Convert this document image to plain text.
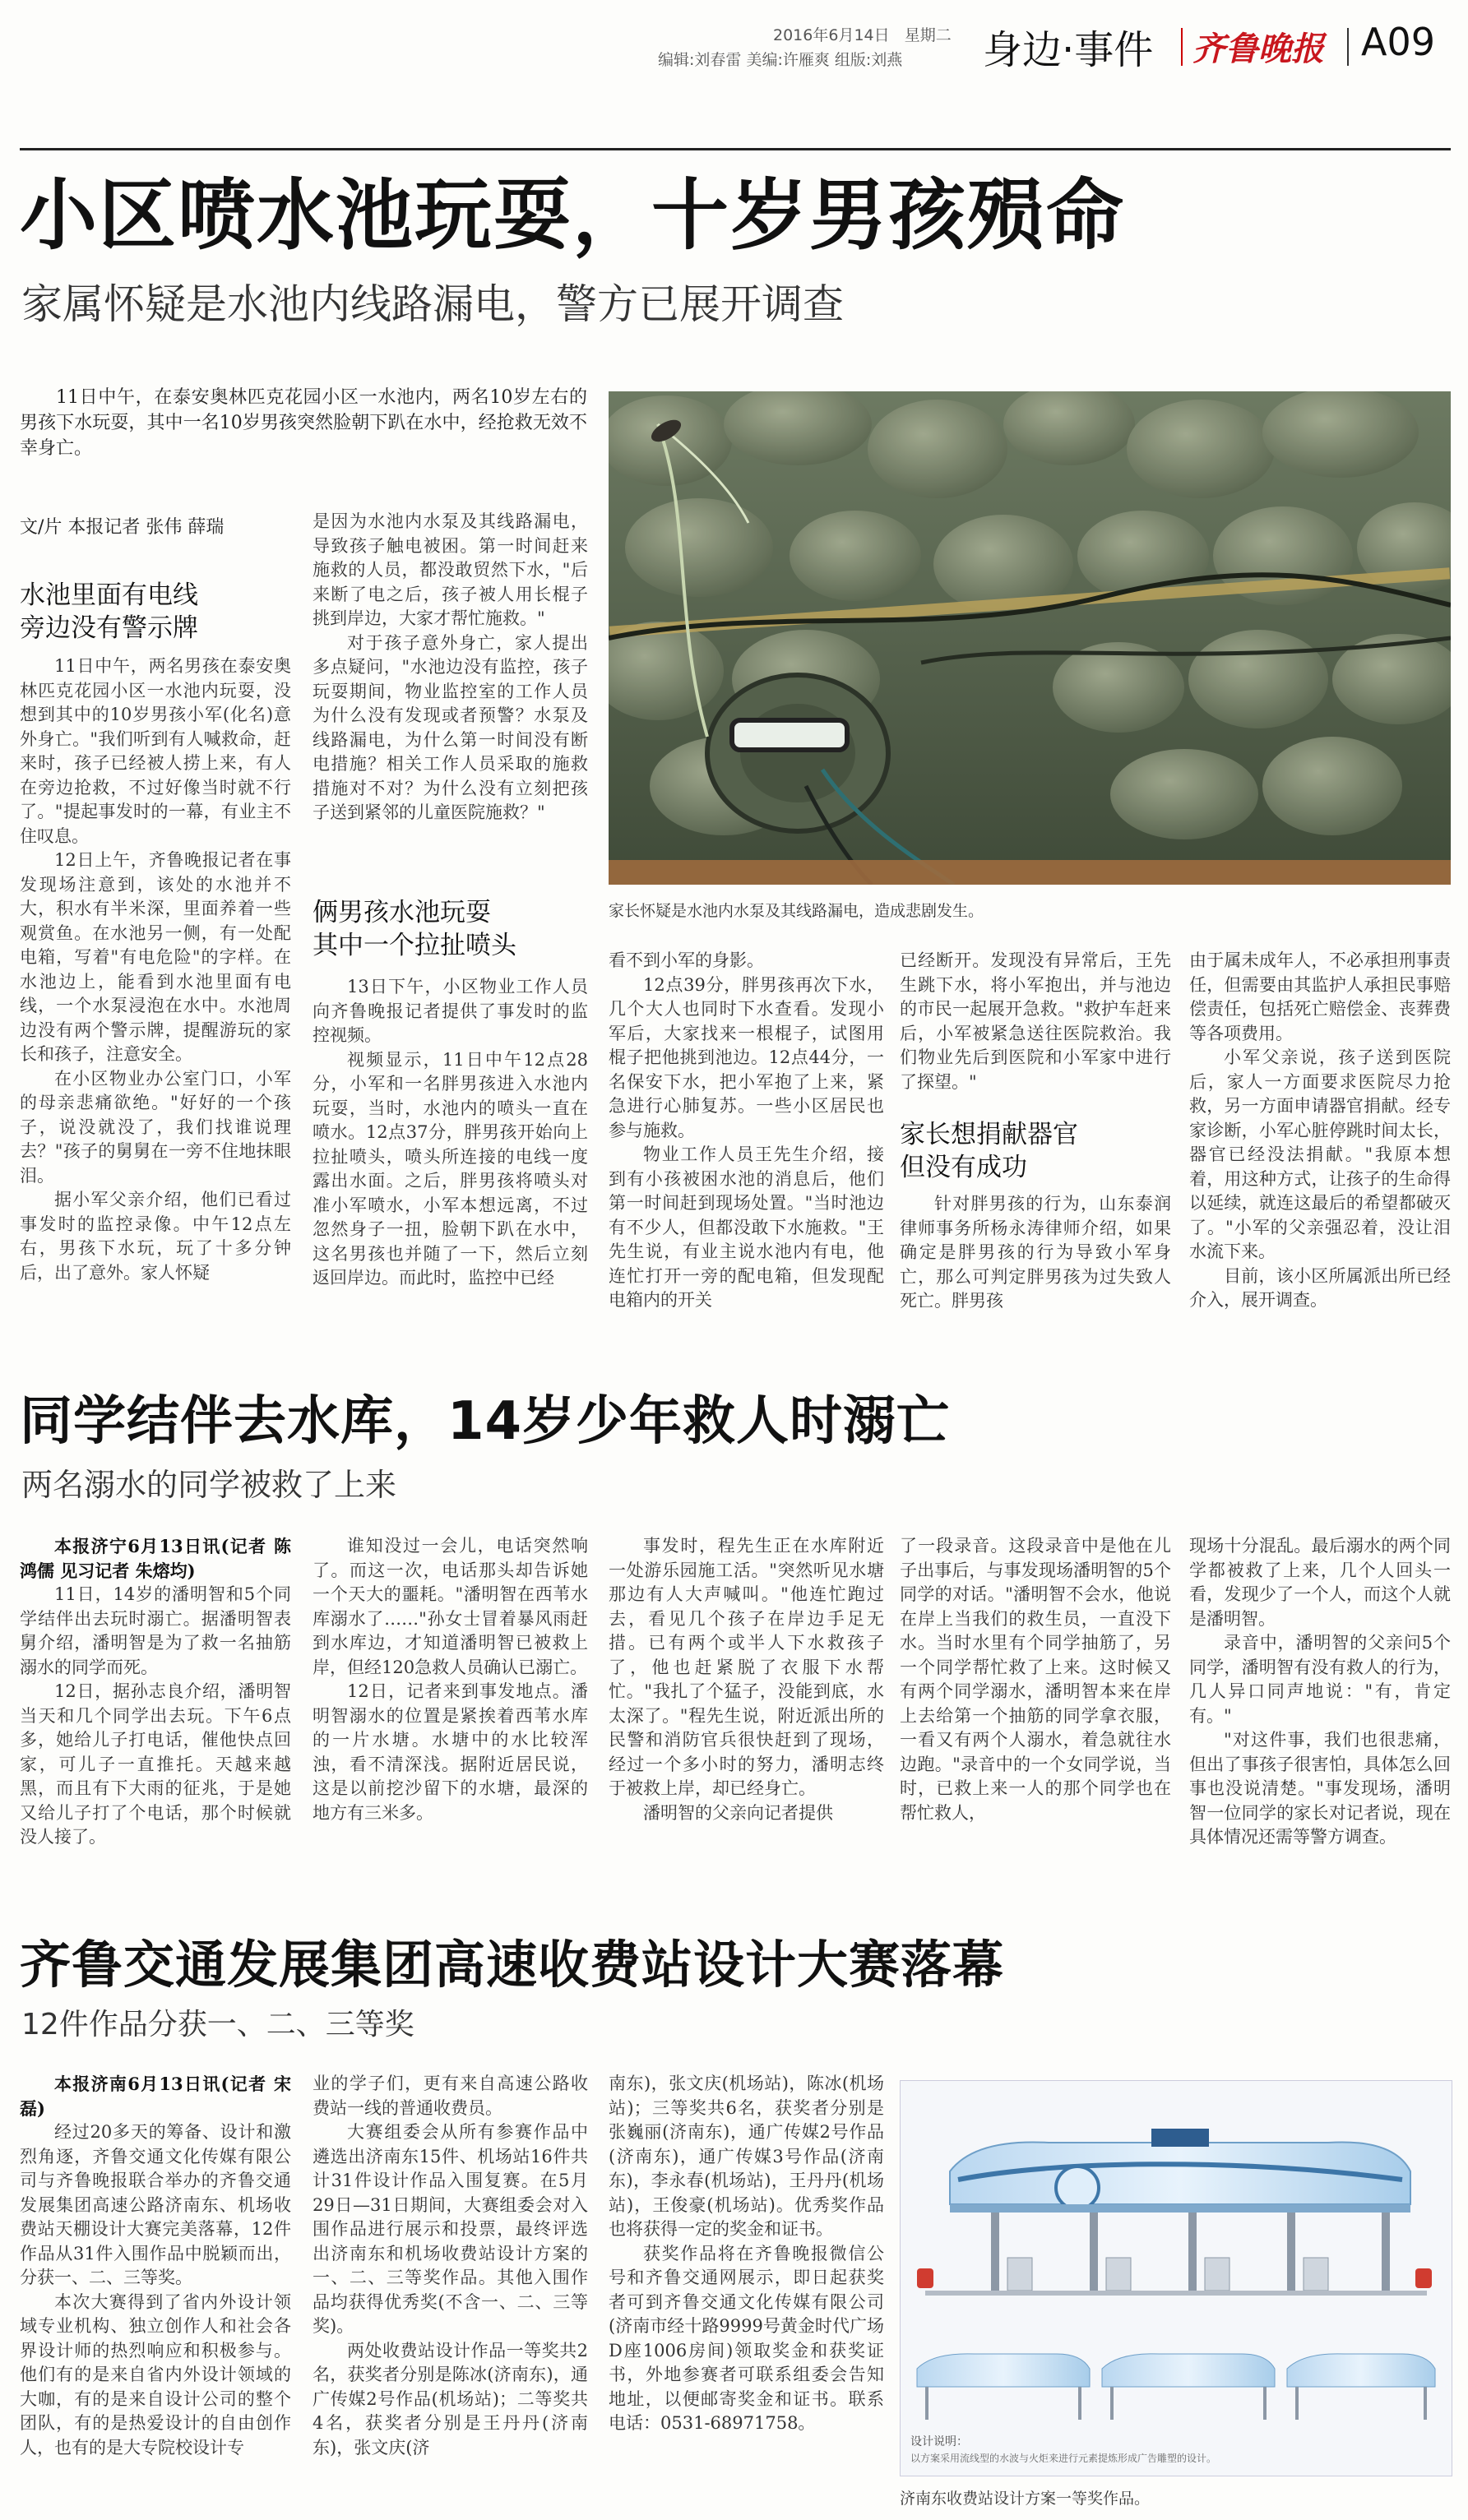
2016年6月14日 星期二
编辑:刘春雷 美编:许雁爽 组版:刘燕 身边·事件 齐鲁晚报 A09
小区喷水池玩耍，十岁男孩殒命
家属怀疑是水池内线路漏电，警方已展开调查

11日中午，在泰安奥林匹克花园小区一水池内，两名10岁左右的男孩下水玩耍，其中一名10岁男孩突然脸朝下趴在水中，经抢救无效不幸身亡。

文/片 本报记者 张伟 薛瑞
水池里面有电线
旁边没有警示牌

11日中午，两名男孩在泰安奥林匹克花园小区一水池内玩耍，没想到其中的10岁男孩小军(化名)意外身亡。"我们听到有人喊救命，赶来时，孩子已经被人捞上来，有人在旁边抢救，不过好像当时就不行了。"提起事发时的一幕，有业主不住叹息。

12日上午，齐鲁晚报记者在事发现场注意到，该处的水池并不大，积水有半米深，里面养着一些观赏鱼。在水池另一侧，有一处配电箱，写着"有电危险"的字样。在水池边上，能看到水池里面有电线，一个水泵浸泡在水中。水池周边没有两个警示牌，提醒游玩的家长和孩子，注意安全。

在小区物业办公室门口，小军的母亲悲痛欲绝。"好好的一个孩子，说没就没了，我们找谁说理去？"孩子的舅舅在一旁不住地抹眼泪。

据小军父亲介绍，他们已看过事发时的监控录像。中午12点左右，男孩下水玩，玩了十多分钟后，出了意外。家人怀疑

是因为水池内水泵及其线路漏电，导致孩子触电被困。第一时间赶来施救的人员，都没敢贸然下水，"后来断了电之后，孩子被人用长棍子挑到岸边，大家才帮忙施救。"

对于孩子意外身亡，家人提出多点疑问，"水池边没有监控，孩子玩耍期间，物业监控室的工作人员为什么没有发现或者预警？水泵及线路漏电，为什么第一时间没有断电措施？相关工作人员采取的施救措施对不对？为什么没有立刻把孩子送到紧邻的儿童医院施救？"

俩男孩水池玩耍
其中一个拉扯喷头

13日下午，小区物业工作人员向齐鲁晚报记者提供了事发时的监控视频。

视频显示，11日中午12点28分，小军和一名胖男孩进入水池内玩耍，当时，水池内的喷头一直在喷水。12点37分，胖男孩开始向上拉扯喷头，喷头所连接的电线一度露出水面。之后，胖男孩将喷头对准小军喷水，小军本想远离，不过忽然身子一扭，脸朝下趴在水中，这名男孩也并随了一下，然后立刻返回岸边。而此时，监控中已经

家长怀疑是水池内水泵及其线路漏电，造成悲剧发生。

看不到小军的身影。

12点39分，胖男孩再次下水，几个大人也同时下水查看。发现小军后，大家找来一根棍子，试图用棍子把他挑到池边。12点44分，一名保安下水，把小军抱了上来，紧急进行心肺复苏。一些小区居民也参与施救。

物业工作人员王先生介绍，接到有小孩被困水池的消息后，他们第一时间赶到现场处置。"当时池边有不少人，但都没敢下水施救。"王先生说，有业主说水池内有电，他连忙打开一旁的配电箱，但发现配电箱内的开关

已经断开。发现没有异常后，王先生跳下水，将小军抱出，并与池边的市民一起展开急救。"救护车赶来后，小军被紧急送往医院救治。我们物业先后到医院和小军家中进行了探望。"

家长想捐献器官
但没有成功

针对胖男孩的行为，山东泰润律师事务所杨永涛律师介绍，如果确定是胖男孩的行为导致小军身亡，那么可判定胖男孩为过失致人死亡。胖男孩

由于属未成年人，不必承担刑事责任，但需要由其监护人承担民事赔偿责任，包括死亡赔偿金、丧葬费等各项费用。

小军父亲说，孩子送到医院后，家人一方面要求医院尽力抢救，另一方面申请器官捐献。经专家诊断，小军心脏停跳时间太长，器官已经没法捐献。"我原本想着，用这种方式，让孩子的生命得以延续，就连这最后的希望都破灭了。"小军的父亲强忍着，没让泪水流下来。

目前，该小区所属派出所已经介入，展开调查。

同学结伴去水库，14岁少年救人时溺亡
两名溺水的同学被救了上来

本报济宁6月13日讯(记者 陈鸿儒 见习记者 朱熔均)

11日，14岁的潘明智和5个同学结伴出去玩时溺亡。据潘明智表舅介绍，潘明智是为了救一名抽筋溺水的同学而死。

12日，据孙志良介绍，潘明智当天和几个同学出去玩。下午6点多，她给儿子打电话，催他快点回家，可儿子一直推托。天越来越黑，而且有下大雨的征兆，于是她又给儿子打了个电话，那个时候就没人接了。

谁知没过一会儿，电话突然响了。而这一次，电话那头却告诉她一个天大的噩耗。"潘明智在西苇水库溺水了……"孙女士冒着暴风雨赶到水库边，才知道潘明智已被救上岸，但经120急救人员确认已溺亡。

12日，记者来到事发地点。潘明智溺水的位置是紧挨着西苇水库的一片水塘。水塘中的水比较浑浊，看不清深浅。据附近居民说，这是以前挖沙留下的水塘，最深的地方有三米多。

事发时，程先生正在水库附近一处游乐园施工活。"突然听见水塘那边有人大声喊叫。"他连忙跑过去，看见几个孩子在岸边手足无措。已有两个或半人下水救孩子了，他也赶紧脱了衣服下水帮忙。"我扎了个猛子，没能到底，水太深了。"程先生说，附近派出所的民警和消防官兵很快赶到了现场，经过一个多小时的努力，潘明志终于被救上岸，却已经身亡。

潘明智的父亲向记者提供

了一段录音。这段录音中是他在儿子出事后，与事发现场潘明智的5个同学的对话。"潘明智不会水，他说在岸上当我们的救生员，一直没下水。当时水里有个同学抽筋了，另一个同学帮忙救了上来。这时候又有两个同学溺水，潘明智本来在岸上去给第一个抽筋的同学拿衣服，一看又有两个人溺水，着急就往水边跑。"录音中的一个女同学说，当时，已救上来一人的那个同学也在帮忙救人，

现场十分混乱。最后溺水的两个同学都被救了上来，几个人回头一看，发现少了一个人，而这个人就是潘明智。

录音中，潘明智的父亲问5个同学，潘明智有没有救人的行为，几人异口同声地说："有，肯定有。"

"对这件事，我们也很悲痛，但出了事孩子很害怕，具体怎么回事也没说清楚。"事发现场，潘明智一位同学的家长对记者说，现在具体情况还需等警方调查。

齐鲁交通发展集团高速收费站设计大赛落幕
12件作品分获一、二、三等奖

本报济南6月13日讯(记者 宋磊)

经过20多天的筹备、设计和激烈角逐，齐鲁交通文化传媒有限公司与齐鲁晚报联合举办的齐鲁交通发展集团高速公路济南东、机场收费站天棚设计大赛完美落幕，12件作品从31件入围作品中脱颖而出，分获一、二、三等奖。

本次大赛得到了省内外设计领域专业机构、独立创作人和社会各界设计师的热烈响应和积极参与。他们有的是来自省内外设计领域的大咖，有的是来自设计公司的整个团队，有的是热爱设计的自由创作人，也有的是大专院校设计专

业的学子们，更有来自高速公路收费站一线的普通收费员。

大赛组委会从所有参赛作品中遴选出济南东15件、机场站16件共计31件设计作品入围复赛。在5月29日—31日期间，大赛组委会对入围作品进行展示和投票，最终评选出济南东和机场收费站设计方案的一、二、三等奖作品。其他入围作品均获得优秀奖(不含一、二、三等奖)。

两处收费站设计作品一等奖共2名，获奖者分别是陈冰(济南东)，通广传媒2号作品(机场站)；二等奖共4名，获奖者分别是王丹丹(济南东)，张文庆(济

南东)，张文庆(机场站)，陈冰(机场站)；三等奖共6名，获奖者分别是张巍丽(济南东)，通广传媒2号作品(济南东)，通广传媒3号作品(济南东)，李永春(机场站)，王丹丹(机场站)，王俊豪(机场站)。优秀奖作品也将获得一定的奖金和证书。

获奖作品将在齐鲁晚报微信公号和齐鲁交通网展示，即日起获奖者可到齐鲁交通文化传媒有限公司(济南市经十路9999号黄金时代广场D座1006房间)领取奖金和获奖证书，外地参赛者可联系组委会告知地址，以便邮寄奖金和证书。联系电话：0531-68971758。

设计说明：
以方案采用流线型的水波与火炬来进行元素提炼形成广告雕塑的设计。
济南东收费站设计方案一等奖作品。
